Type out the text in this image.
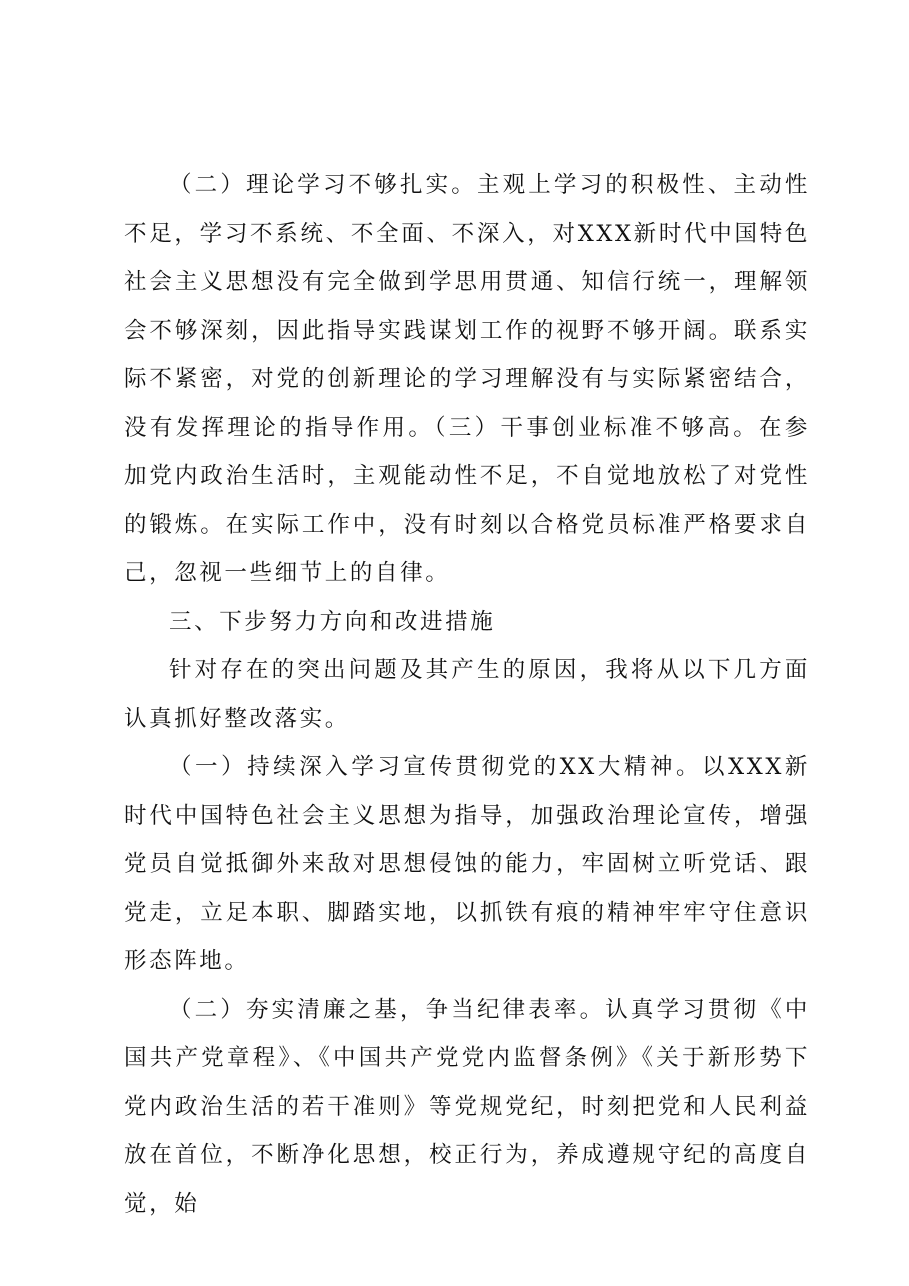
（二）理论学习不够扎实。主观上学习的积极性、主动性不足，学习不系统、不全面、不深入，对XXX新时代中国特色社会主义思想没有完全做到学思用贯通、知信行统一，理解领会不够深刻，因此指导实践谋划工作的视野不够开阔。联系实际不紧密，对党的创新理论的学习理解没有与实际紧密结合，没有发挥理论的指导作用。（三）干事创业标准不够高。在参加党内政治生活时，主观能动性不足，不自觉地放松了对党性的锻炼。在实际工作中，没有时刻以合格党员标准严格要求自己，忽视一些细节上的自律。

三、下步努力方向和改进措施

针对存在的突出问题及其产生的原因，我将从以下几方面认真抓好整改落实。

（一）持续深入学习宣传贯彻党的XX大精神。以XXX新时代中国特色社会主义思想为指导，加强政治理论宣传，增强党员自觉抵御外来敌对思想侵蚀的能力，牢固树立听党话、跟党走，立足本职、脚踏实地，以抓铁有痕的精神牢牢守住意识形态阵地。

（二）夯实清廉之基，争当纪律表率。认真学习贯彻《中国共产党章程》、《中国共产党党内监督条例》《关于新形势下党内政治生活的若干准则》等党规党纪，时刻把党和人民利益放在首位，不断净化思想，校正行为，养成遵规守纪的高度自觉，始
